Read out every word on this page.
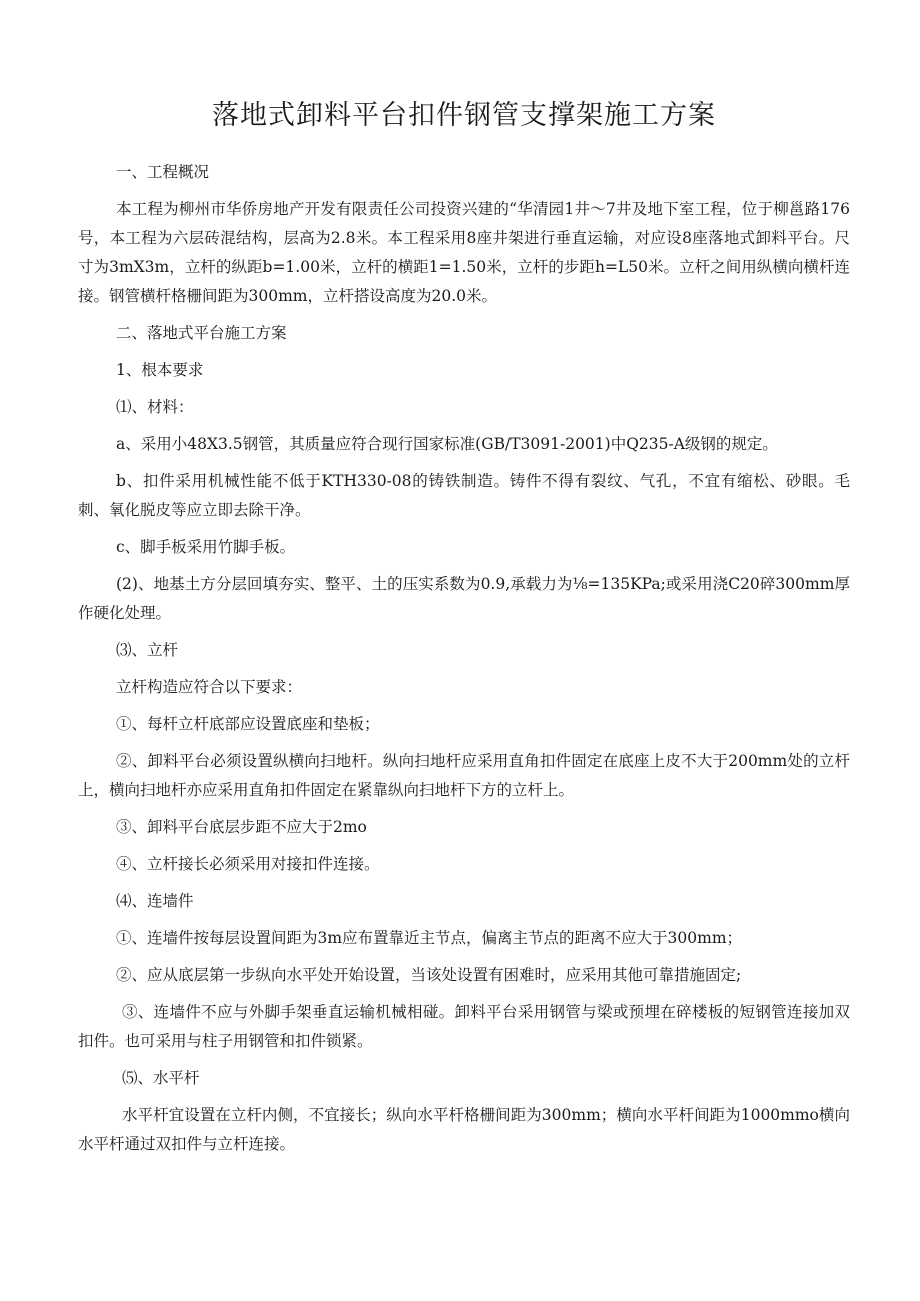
落地式卸料平台扣件钢管支撑架施工方案

一、工程概况

本工程为柳州市华侨房地产开发有限责任公司投资兴建的“华清园1井～7井及地下室工程，位于柳邕路176号，本工程为六层砖混结构，层高为2.8米。本工程采用8座井架进行垂直运输，对应设8座落地式卸料平台。尺寸为3mX3m，立杆的纵距b=1.00米，立杆的横距1=1.50米，立杆的步距h=L50米。立杆之间用纵横向横杆连接。钢管横杆格栅间距为300mm，立杆搭设高度为20.0米。

二、落地式平台施工方案

1、根本要求

⑴、材料：

a、采用小48X3.5钢管，其质量应符合现行国家标准(GB/T3091-2001)中Q235-A级钢的规定。

b、扣件采用机械性能不低于KTH330-08的铸铁制造。铸件不得有裂纹、气孔，不宜有缩松、砂眼。毛刺、氧化脱皮等应立即去除干净。

c、脚手板采用竹脚手板。

(2)、地基土方分层回填夯实、整平、土的压实系数为0.9,承载力为⅛=135KPa;或采用浇C20碎300mm厚作硬化处理。

⑶、立杆

立杆构造应符合以下要求：

①、每杆立杆底部应设置底座和垫板；

②、卸料平台必须设置纵横向扫地杆。纵向扫地杆应采用直角扣件固定在底座上皮不大于200mm处的立杆上，横向扫地杆亦应采用直角扣件固定在紧靠纵向扫地杆下方的立杆上。

③、卸料平台底层步距不应大于2mo

④、立杆接长必须采用对接扣件连接。

⑷、连墙件

①、连墙件按每层设置间距为3m应布置靠近主节点，偏离主节点的距离不应大于300mm；

②、应从底层第一步纵向水平处开始设置，当该处设置有困难时，应采用其他可靠措施固定;

③、连墙件不应与外脚手架垂直运输机械相碰。卸料平台采用钢管与梁或预埋在碎楼板的短钢管连接加双扣件。也可采用与柱子用钢管和扣件锁紧。

⑸、水平杆

水平杆宜设置在立杆内侧，不宜接长；纵向水平杆格栅间距为300mm；横向水平杆间距为1000mmo横向水平杆通过双扣件与立杆连接。
